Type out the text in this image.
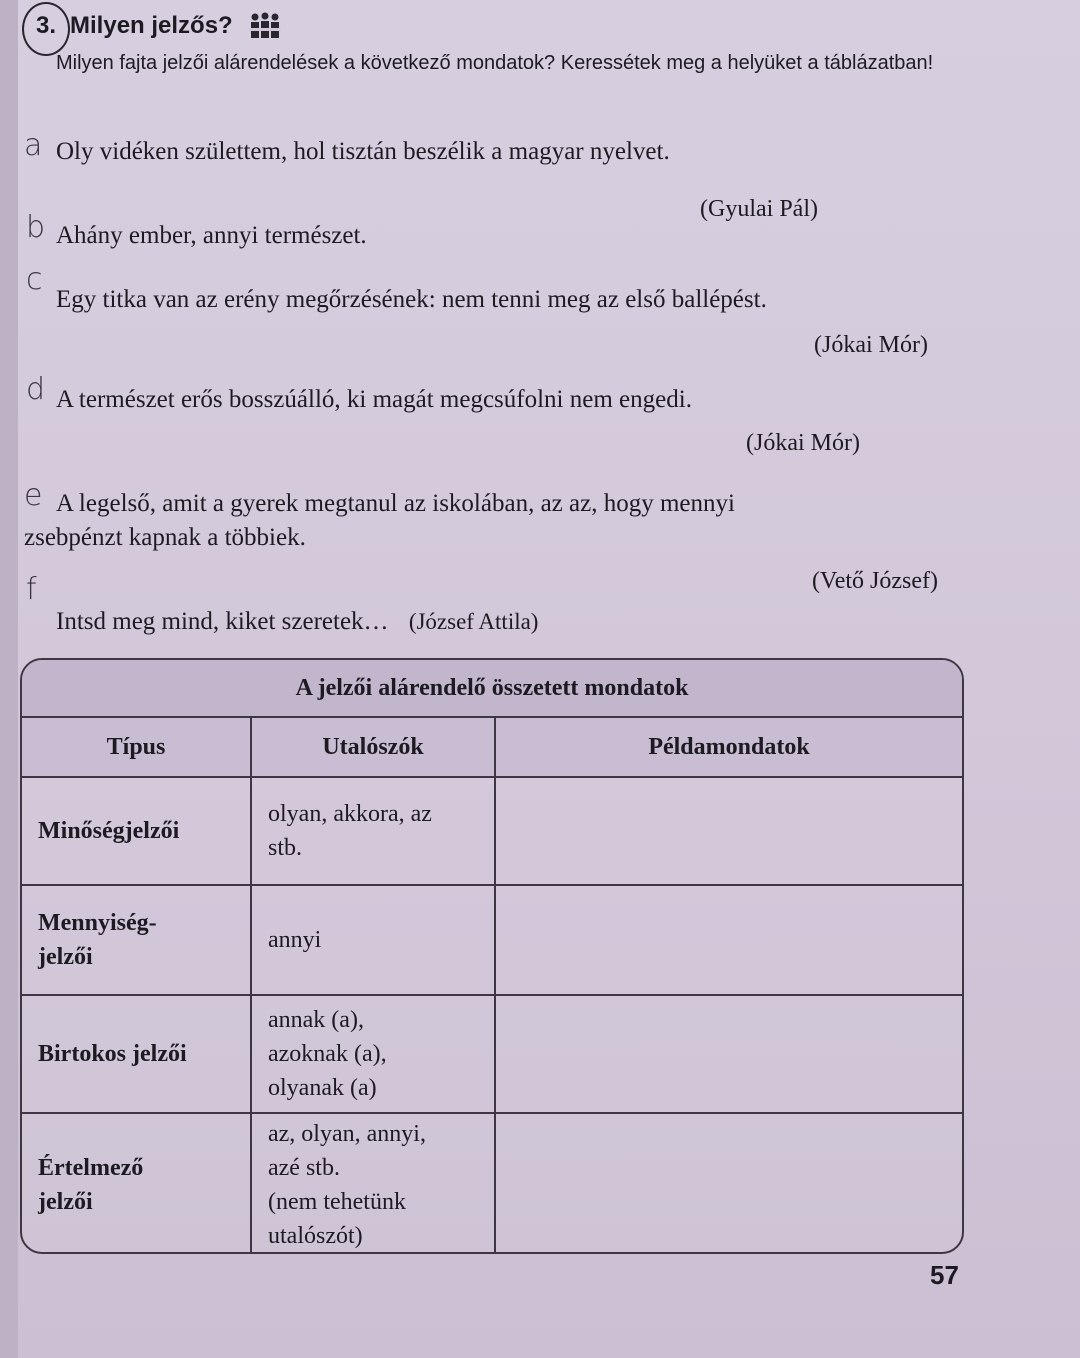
3. Milyen jelzős?
Milyen fajta jelzői alárendelések a következő mondatok? Keressétek meg a helyüket a táblázatban!
a Oly vidéken születtem, hol tisztán beszélik a magyar nyelvet.
(Gyulai Pál)
b Ahány ember, annyi természet.
c
Egy titka van az erény megőrzésének: nem tenni meg az első ballépést.
(Jókai Mór)
d A természet erős bosszúálló, ki magát megcsúfolni nem engedi.
(Jókai Mór)
e A legelső, amit a gyerek megtanul az iskolában, az az, hogy mennyi
zsebpénzt kapnak a többiek.
(Vető József)
f
Intsd meg mind, kiket szeretek… (József Attila)
A jelzői alárendelő összetett mondatok
Típus	Utalószók	Példamondatok
Minőségjelzői
olyan, akkora, az
stb.
Mennyiség-
jelzői
annyi
Birtokos jelzői
annak (a),
azoknak (a),
olyanak (a)
Értelmező
jelzői
az, olyan, annyi,
azé stb.
(nem tehetünk
utalószót)
57
